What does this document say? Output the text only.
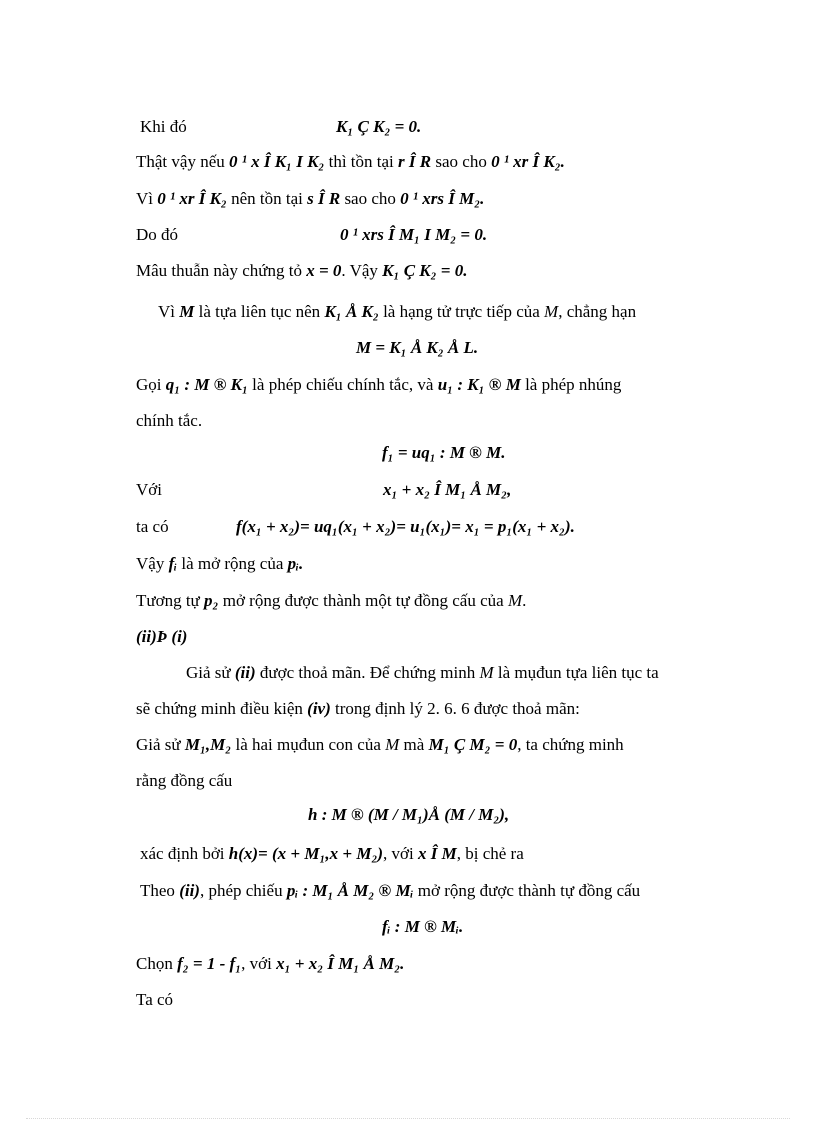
Khi đó	K₁ Ç K₂ = 0.
Thật vậy nếu 0 ¹ x Î K₁ I K₂ thì tồn tại r Î R sao cho 0 ¹ xr Î K₂.
Vì 0 ¹ xr Î K₂ nên tồn tại s Î R sao cho 0 ¹ xrs Î M₂.
Do đó	0 ¹ xrs Î M₁ I M₂ = 0.
Mâu thuẫn này chứng tỏ x = 0. Vậy K₁ Ç K₂ = 0.
Vì M là tựa liên tục nên K₁ Å K₂ là hạng tử trực tiếp của M, chẳng hạn
M = K₁ Å K₂ Å L.
Gọi q₁ : M ® K₁ là phép chiếu chính tắc, và u₁ : K₁ ® M là phép nhúng
chính tắc.
f₁ = uq₁ : M ® M.
Với	x₁ + x₂ Î M₁ Å M₂,
ta có	f(x₁ + x₂)= uq₁(x₁ + x₂)= u₁(x₁)= x₁ = p₁(x₁ + x₂).
Vậy fᵢ là mở rộng của pᵢ.
Tương tự p₂ mở rộng được thành một tự đồng cấu của M.
(ii)Þ (i)
Giả sử (ii) được thoả mãn. Để chứng minh M là mụđun tựa liên tục ta
sẽ chứng minh điều kiện (iv) trong định lý 2. 6. 6 được thoả mãn:
Giả sử M₁,M₂ là hai mụđun con của M mà M₁ Ç M₂ = 0, ta chứng minh
rằng đồng cấu
h : M ® (M / M₁)Å (M / M₂),
xác định bởi h(x)= (x + M₁,x + M₂), với x Î M, bị chẻ ra
Theo (ii), phép chiếu pᵢ : M₁ Å M₂ ® Mᵢ mở rộng được thành tự đồng cấu
fᵢ : M ® Mᵢ.
Chọn f₂ = 1 - f₁, với x₁ + x₂ Î M₁ Å M₂.
Ta có
